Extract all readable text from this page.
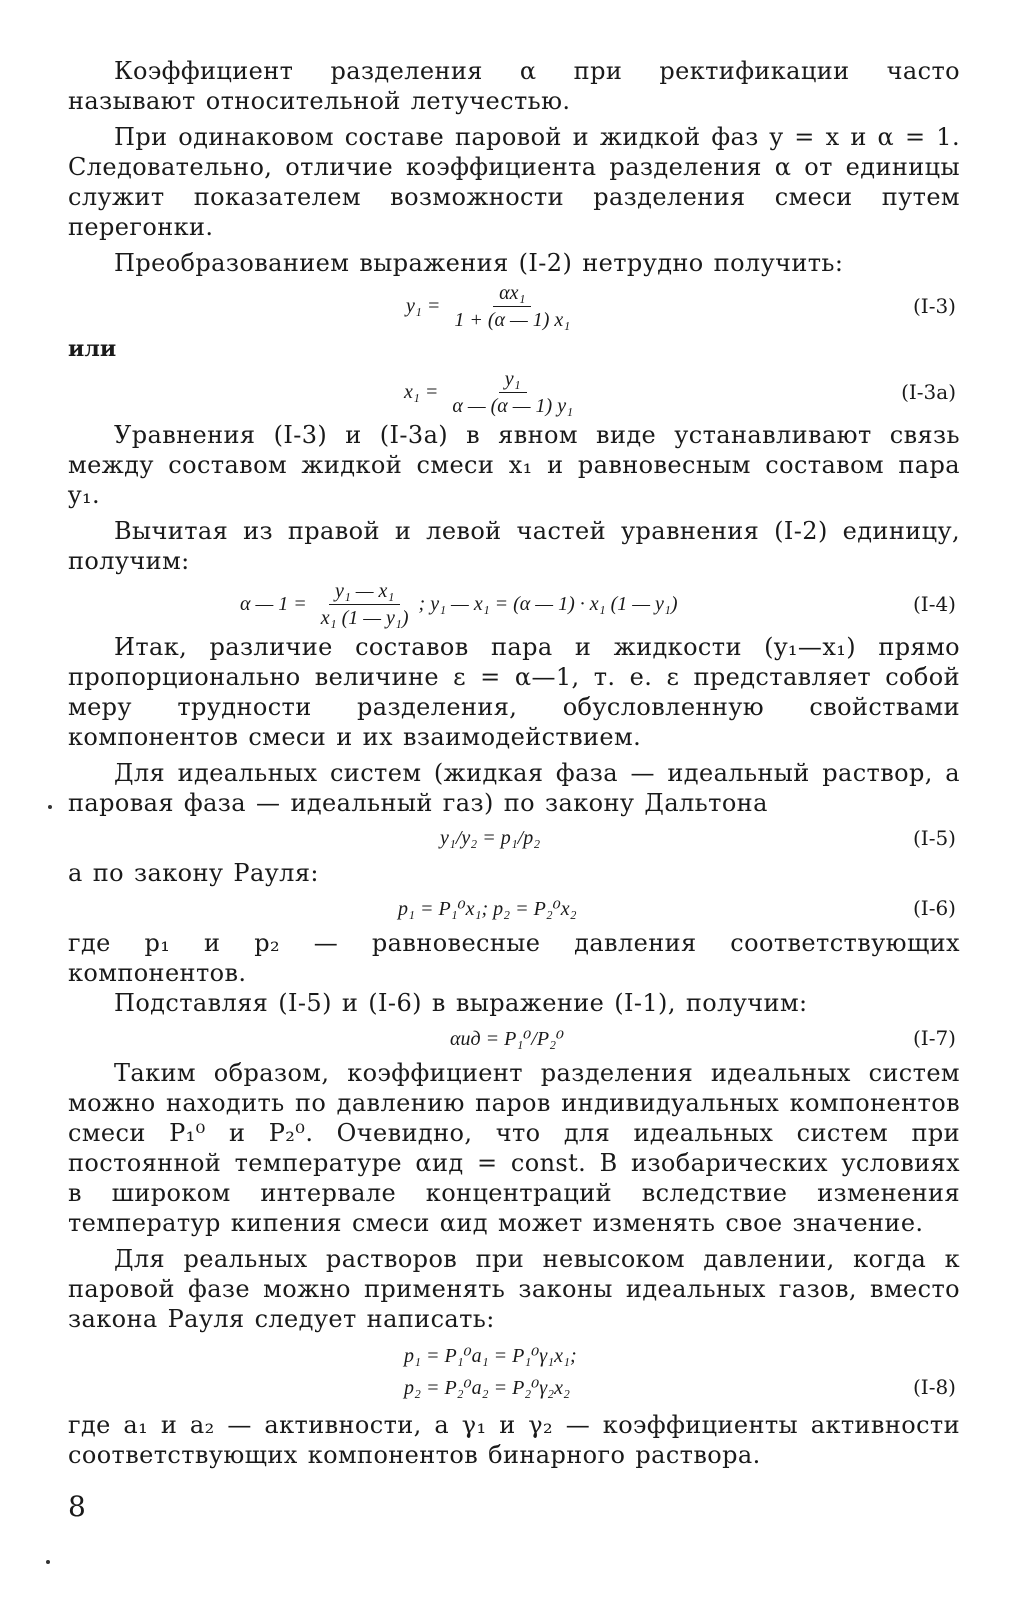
Коэффициент разделения α при ректификации часто называют относительной летучестью.

При одинаковом составе паровой и жидкой фаз y = x и α = 1. Следовательно, отличие коэффициента разделения α от единицы служит показателем возможности разделения смеси путем перегонки.

Преобразованием выражения (I-2) нетрудно получить:

$y_1 = \frac{\text{αx₁}}{\text{1 + (α — 1) x₁}}$	(I-3)
или
$x_1 = \frac{\text{y₁}}{\text{α — (α — 1) y₁}}$	(I-3а)

Уравнения (I-3) и (I-3а) в явном виде устанавливают связь между составом жидкой смеси x₁ и равновесным составом пара y₁.

Вычитая из правой и левой частей уравнения (I-2) единицу, получим:

α — $1 = \frac{\text{y₁ — x₁}}{\text{x₁ (1 — y₁)}}$ ; y₁ — x₁ = (α — 1) · x₁ (1 — y₁)	(I-4)

Итак, различие составов пара и жидкости (y₁—x₁) прямо пропорционально величине ε = α—1, т. е. ε представляет собой меру трудности разделения, обусловленную свойствами компонентов смеси и их взаимодействием.

Для идеальных систем (жидкая фаза — идеальный раствор, а паровая фаза — идеальный газ) по закону Дальтона

y₁/y₂ = p₁/p₂	(I-5)

а по закону Рауля:

p₁ = P₁⁰x₁; p₂ = P₂⁰x₂	(I-6)

где p₁ и p₂ — равновесные давления соответствующих компонентов.

Подставляя (I-5) и (I-6) в выражение (I-1), получим:

αид = P₁⁰/P₂⁰	(I-7)

Таким образом, коэффициент разделения идеальных систем можно находить по давлению паров индивидуальных компонентов смеси P₁⁰ и P₂⁰. Очевидно, что для идеальных систем при постоянной температуре αид = const. В изобарических условиях в широком интервале концентраций вследствие изменения температур кипения смеси αид может изменять свое значение.

Для реальных растворов при невысоком давлении, когда к паровой фазе можно применять законы идеальных газов, вместо закона Рауля следует написать:

p₁ = P₁⁰a₁ = P₁⁰γ₁x₁;
p₂ = P₂⁰a₂ = P₂⁰γ₂x₂	(I-8)

где a₁ и a₂ — активности, а γ₁ и γ₂ — коэффициенты активности соответствующих компонентов бинарного раствора.

8
